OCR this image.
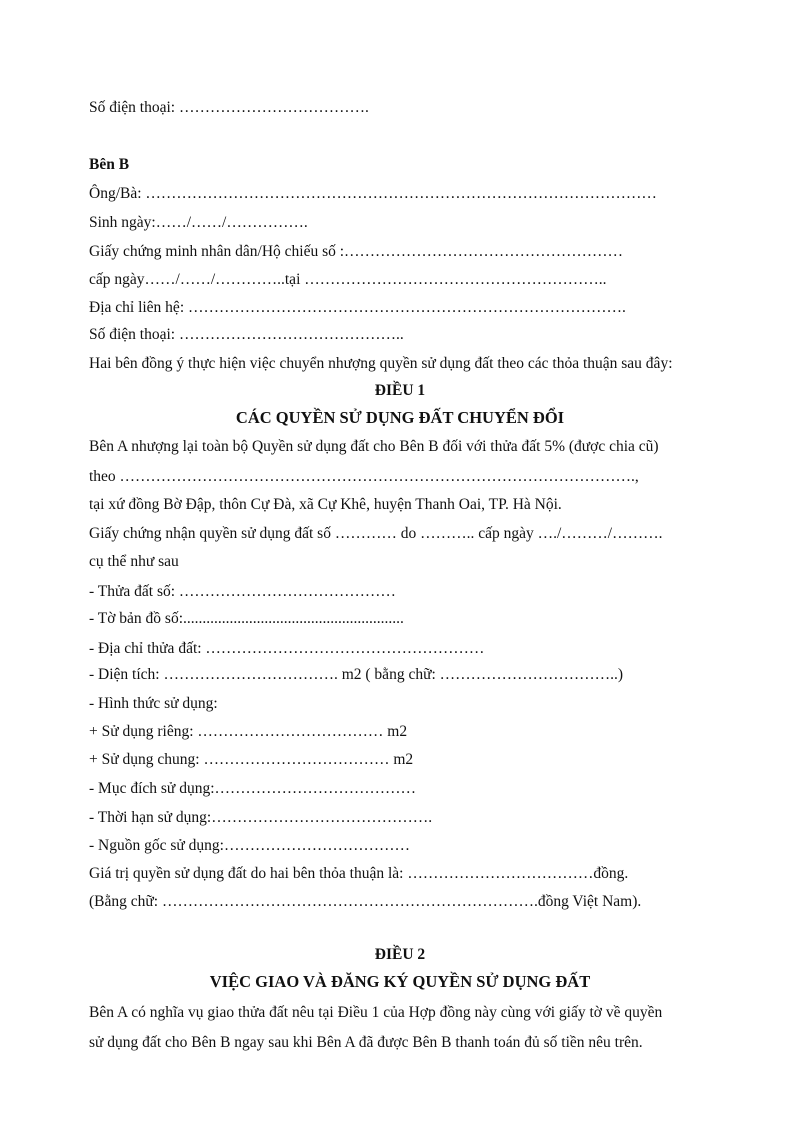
Số điện thoại: ……………………………….
Bên B
Ông/Bà: ………………………………………………………………………………………
Sinh ngày:……/……/…………….
Giấy chứng minh nhân dân/Hộ chiếu số :………………………………………………
cấp ngày……/……/…………..tại …………………………………………………..
Địa chỉ liên hệ: ………………………………………………………………………….
Số điện thoại: ……………………………………..
Hai bên đồng ý thực hiện việc chuyển nhượng quyền sử dụng đất theo các thỏa thuận sau đây:
ĐIỀU 1
CÁC QUYỀN SỬ DỤNG ĐẤT CHUYỂN ĐỔI
Bên A nhượng lại toàn bộ Quyền sử dụng đất cho Bên B đối với thửa đất 5% (được chia cũ)
theo ……………………………………………………………………………………….,
tại xứ đồng Bờ Đập, thôn Cự Đà, xã Cự Khê, huyện Thanh Oai, TP. Hà Nội.
Giấy chứng nhận quyền sử dụng đất số ………… do ……….. cấp ngày …./………/……….
cụ thể như sau
- Thửa đất số: ……………………………………
- Tờ bản đồ số:.........................................................
- Địa chỉ thửa đất: ………………………………………………
- Diện tích: ……………………………. m2 ( bằng chữ: ……………………………..)
- Hình thức sử dụng:
+ Sử dụng riêng: ……………………………… m2
+ Sử dụng chung: ……………………………… m2
- Mục đích sử dụng:…………………………………
- Thời hạn sử dụng:…………………………………….
- Nguồn gốc sử dụng:………………………………
Giá trị quyền sử dụng đất do hai bên thỏa thuận là: ………………………………đồng.
(Bằng chữ: ……………………………………………………………….đồng Việt Nam).
ĐIỀU 2
VIỆC GIAO VÀ ĐĂNG KÝ QUYỀN SỬ DỤNG ĐẤT
Bên A có nghĩa vụ giao thửa đất nêu tại Điều 1 của Hợp đồng này cùng với giấy tờ về quyền
sử dụng đất cho Bên B ngay sau khi Bên A đã được Bên B thanh toán đủ số tiền nêu trên.
